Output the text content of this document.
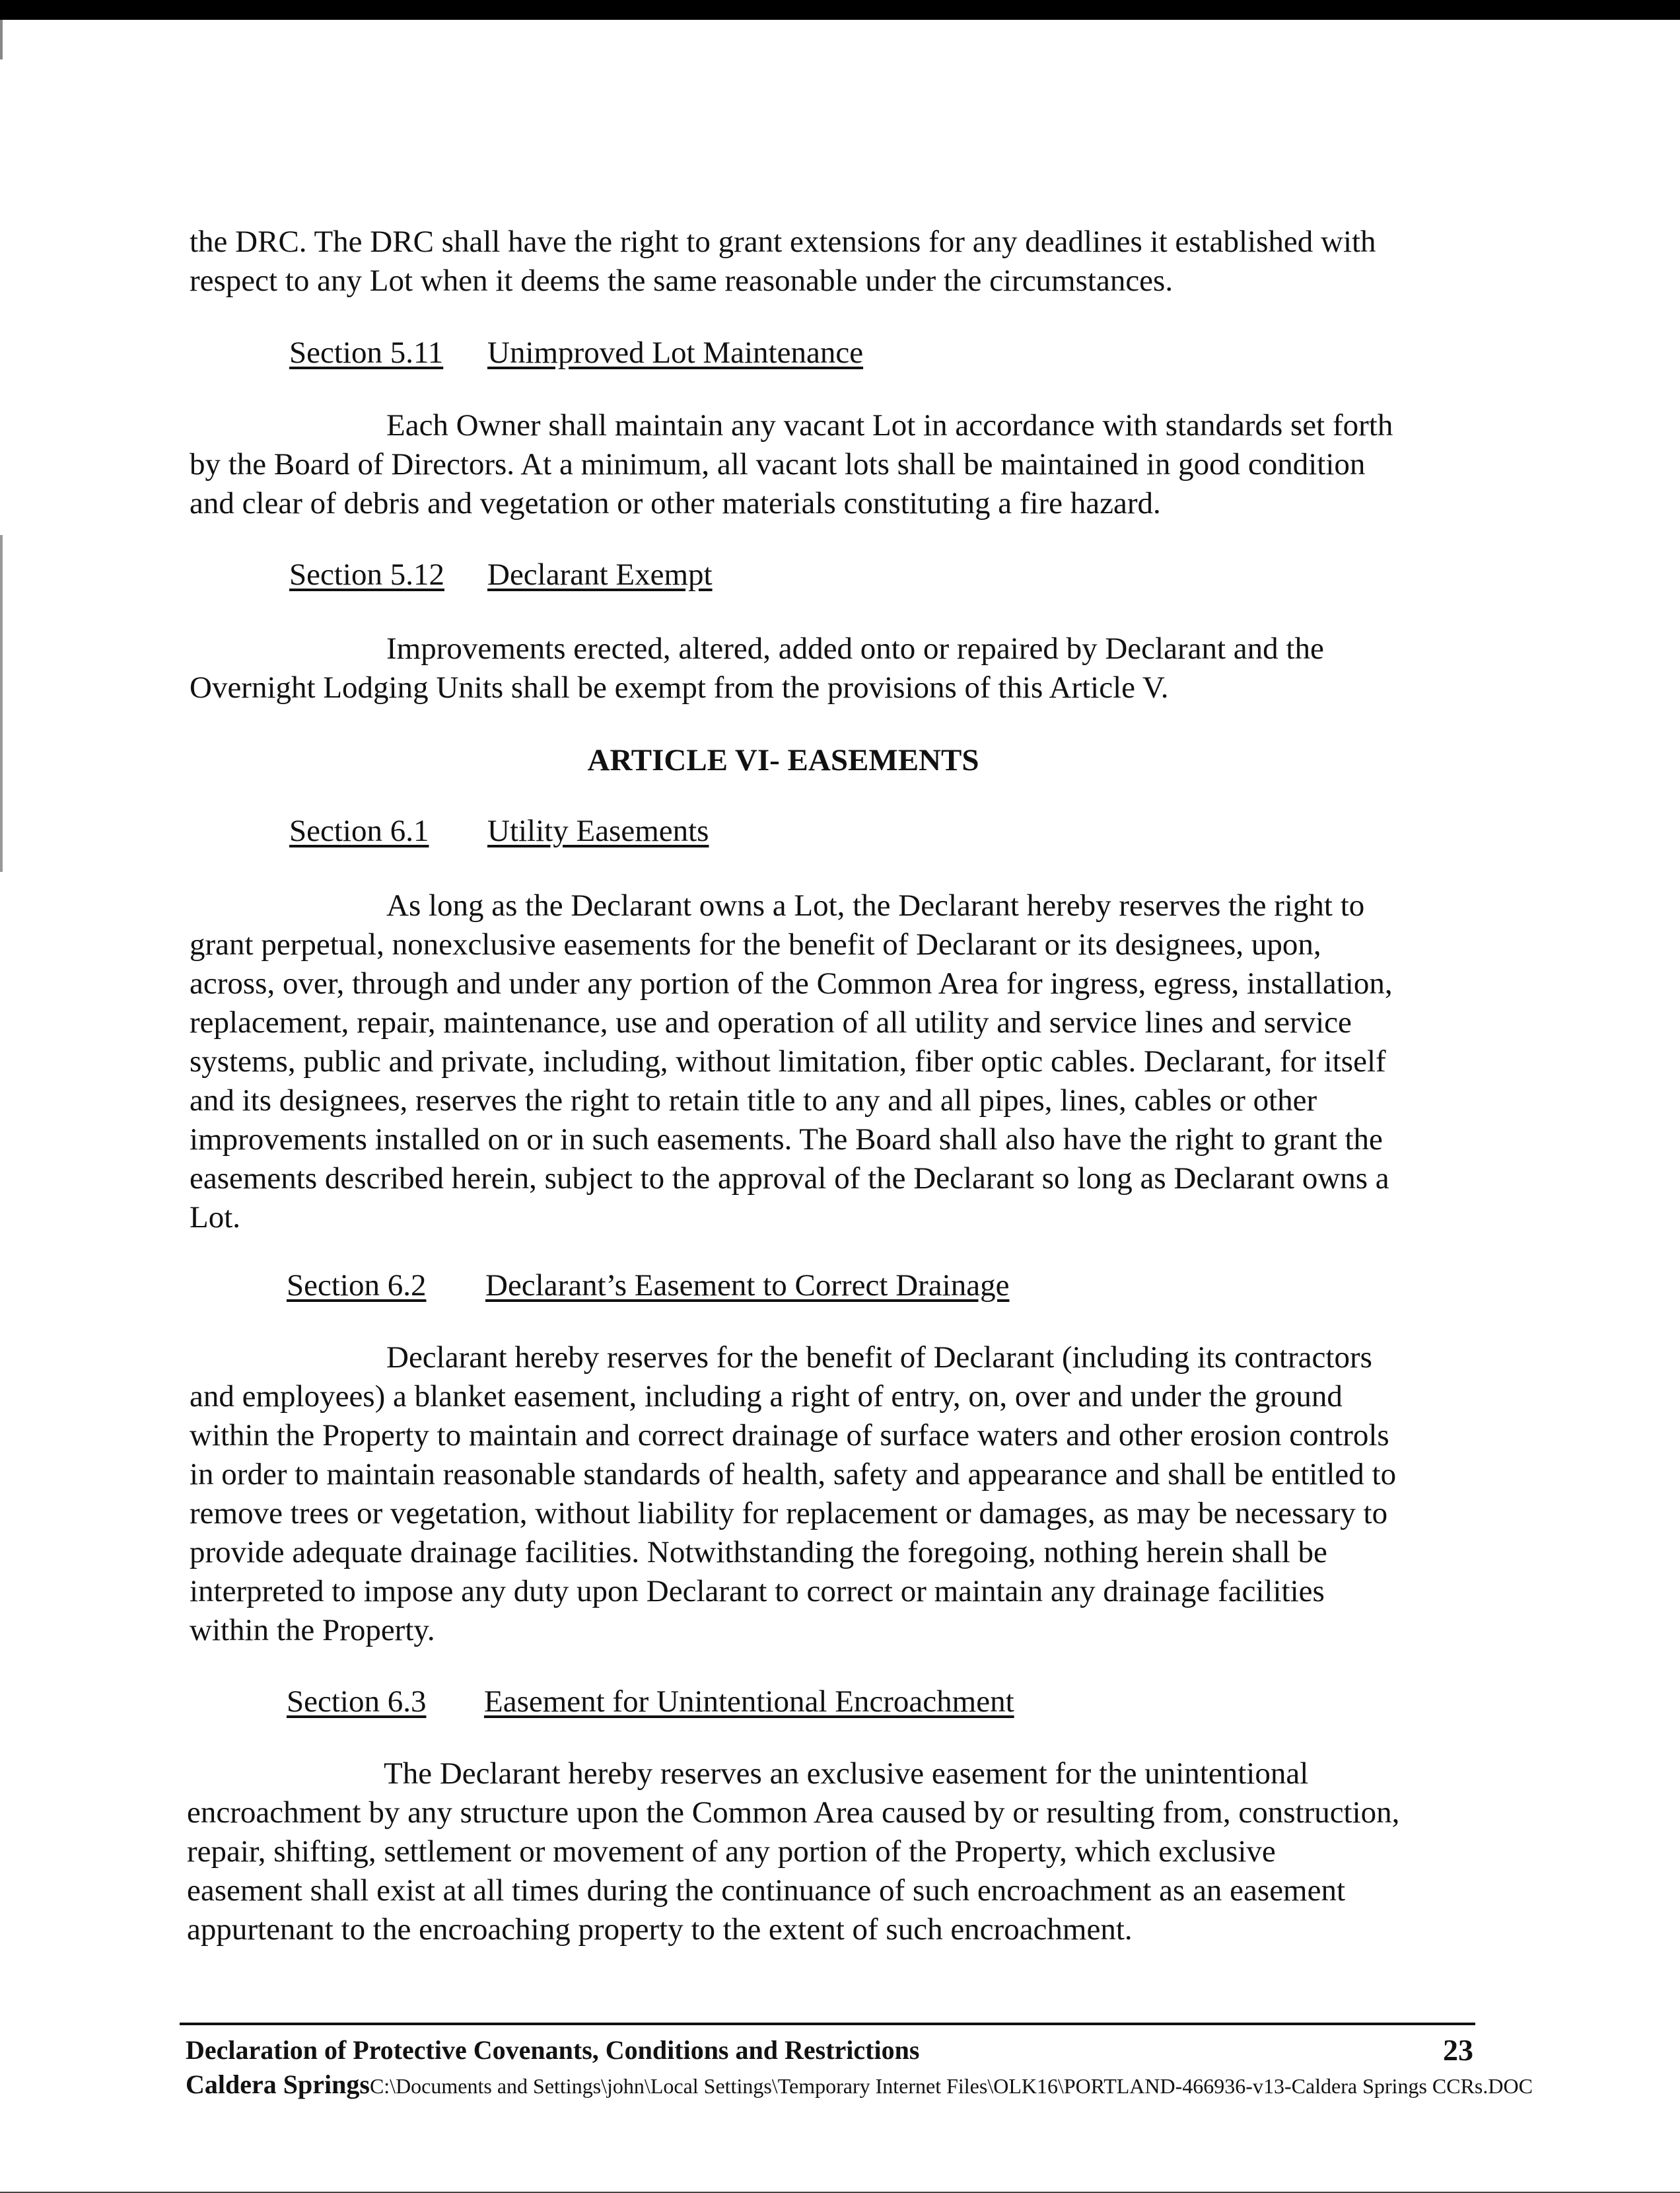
the DRC. The DRC shall have the right to grant extensions for any deadlines it established with
respect to any Lot when it deems the same reasonable under the circumstances.

Section 5.11 Unimproved Lot Maintenance

Each Owner shall maintain any vacant Lot in accordance with standards set forth
by the Board of Directors. At a minimum, all vacant lots shall be maintained in good condition
and clear of debris and vegetation or other materials constituting a fire hazard.

Section 5.12 Declarant Exempt

Improvements erected, altered, added onto or repaired by Declarant and the
Overnight Lodging Units shall be exempt from the provisions of this Article V.

ARTICLE VI- EASEMENTS
Section 6.1 Utility Easements

As long as the Declarant owns a Lot, the Declarant hereby reserves the right to
grant perpetual, nonexclusive easements for the benefit of Declarant or its designees, upon,
across, over, through and under any portion of the Common Area for ingress, egress, installation,
replacement, repair, maintenance, use and operation of all utility and service lines and service
systems, public and private, including, without limitation, fiber optic cables. Declarant, for itself
and its designees, reserves the right to retain title to any and all pipes, lines, cables or other
improvements installed on or in such easements. The Board shall also have the right to grant the
easements described herein, subject to the approval of the Declarant so long as Declarant owns a
Lot.

Section 6.2 Declarant’s Easement to Correct Drainage

Declarant hereby reserves for the benefit of Declarant (including its contractors
and employees) a blanket easement, including a right of entry, on, over and under the ground
within the Property to maintain and correct drainage of surface waters and other erosion controls
in order to maintain reasonable standards of health, safety and appearance and shall be entitled to
remove trees or vegetation, without liability for replacement or damages, as may be necessary to
provide adequate drainage facilities. Notwithstanding the foregoing, nothing herein shall be
interpreted to impose any duty upon Declarant to correct or maintain any drainage facilities
within the Property.

Section 6.3 Easement for Unintentional Encroachment

The Declarant hereby reserves an exclusive easement for the unintentional
encroachment by any structure upon the Common Area caused by or resulting from, construction,
repair, shifting, settlement or movement of any portion of the Property, which exclusive
easement shall exist at all times during the continuance of such encroachment as an easement
appurtenant to the encroaching property to the extent of such encroachment.

Declaration of Protective Covenants, Conditions and Restrictions	23
Caldera SpringsC:\Documents and Settings\john\Local Settings\Temporary Internet Files\OLK16\PORTLAND-466936-v13-Caldera Springs CCRs.DOC
